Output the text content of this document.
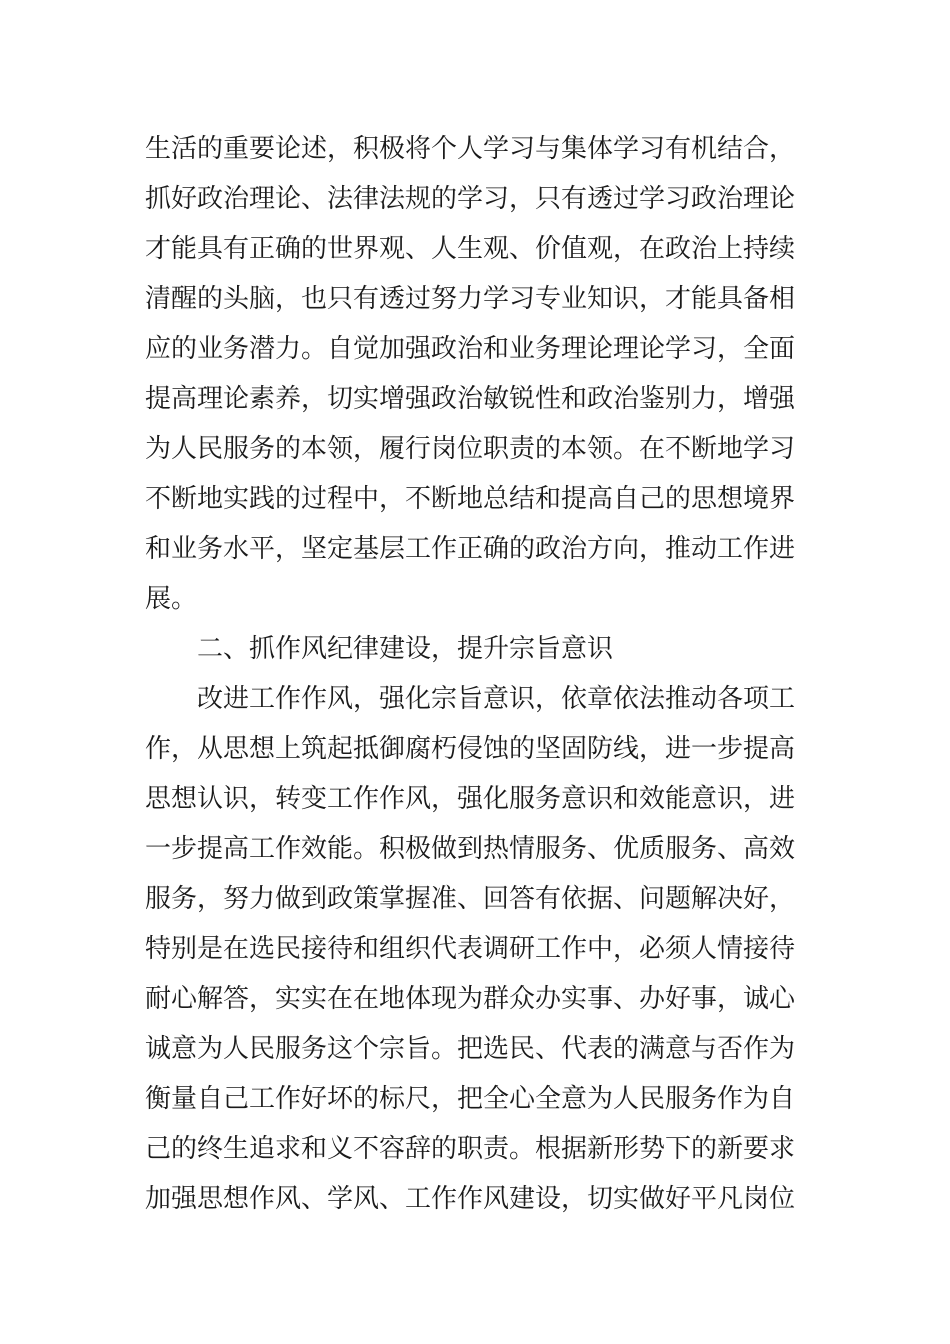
生活的重要论述，积极将个人学习与集体学习有机结合，
抓好政治理论、法律法规的学习，只有透过学习政治理论
才能具有正确的世界观、人生观、价值观，在政治上持续
清醒的头脑，也只有透过努力学习专业知识，才能具备相
应的业务潜力。自觉加强政治和业务理论理论学习，全面
提高理论素养，切实增强政治敏锐性和政治鉴别力，增强
为人民服务的本领，履行岗位职责的本领。在不断地学习
不断地实践的过程中，不断地总结和提高自己的思想境界
和业务水平，坚定基层工作正确的政治方向，推动工作进
展。
二、抓作风纪律建设，提升宗旨意识
改进工作作风，强化宗旨意识，依章依法推动各项工
作，从思想上筑起抵御腐朽侵蚀的坚固防线，进一步提高
思想认识，转变工作作风，强化服务意识和效能意识，进
一步提高工作效能。积极做到热情服务、优质服务、高效
服务，努力做到政策掌握准、回答有依据、问题解决好，
特别是在选民接待和组织代表调研工作中，必须人情接待
耐心解答，实实在在地体现为群众办实事、办好事，诚心
诚意为人民服务这个宗旨。把选民、代表的满意与否作为
衡量自己工作好坏的标尺，把全心全意为人民服务作为自
己的终生追求和义不容辞的职责。根据新形势下的新要求
加强思想作风、学风、工作作风建设，切实做好平凡岗位
